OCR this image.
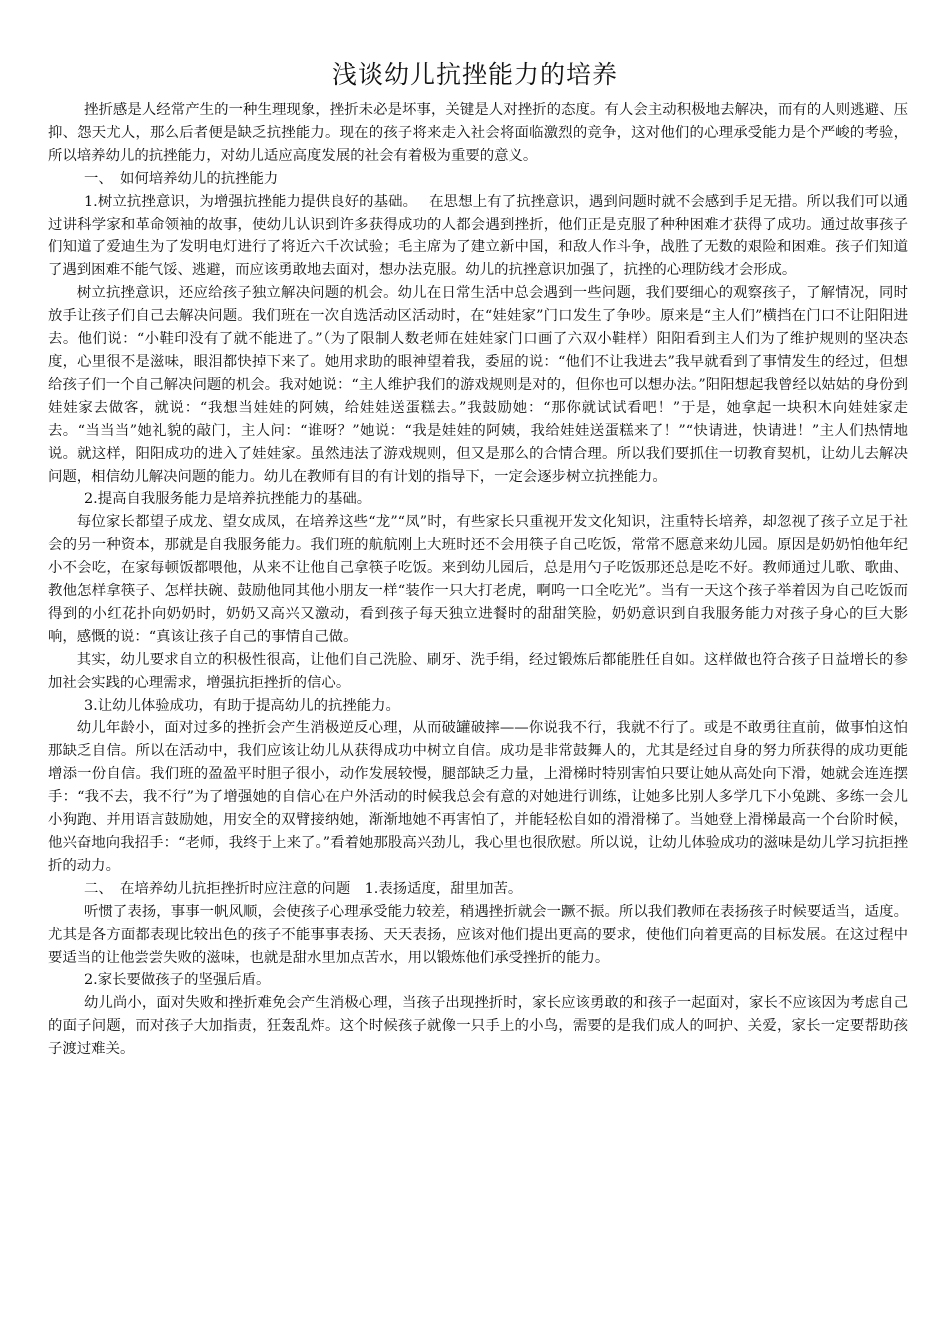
浅谈幼儿抗挫能力的培养

挫折感是人经常产生的一种生理现象，挫折未必是坏事，关键是人对挫折的态度。有人会主动积极地去解决，而有的人则逃避、压抑、怨天尤人，那么后者便是缺乏抗挫能力。现在的孩子将来走入社会将面临激烈的竞争，这对他们的心理承受能力是个严峻的考验，所以培养幼儿的抗挫能力，对幼儿适应高度发展的社会有着极为重要的意义。

一、　如何培养幼儿的抗挫能力

1.树立抗挫意识，为增强抗挫能力提供良好的基础。　 在思想上有了抗挫意识，遇到问题时就不会感到手足无措。所以我们可以通过讲科学家和革命领袖的故事，使幼儿认识到许多获得成功的人都会遇到挫折，他们正是克服了种种困难才获得了成功。通过故事孩子们知道了爱迪生为了发明电灯进行了将近六千次试验；毛主席为了建立新中国，和敌人作斗争，战胜了无数的艰险和困难。孩子们知道了遇到困难不能气馁、逃避，而应该勇敢地去面对，想办法克服。幼儿的抗挫意识加强了，抗挫的心理防线才会形成。

树立抗挫意识，还应给孩子独立解决问题的机会。幼儿在日常生活中总会遇到一些问题，我们要细心的观察孩子，了解情况，同时放手让孩子们自己去解决问题。我们班在一次自选活动区活动时，在“娃娃家”门口发生了争吵。原来是“主人们”横挡在门口不让阳阳进去。他们说：“小鞋印没有了就不能进了。”（为了限制人数老师在娃娃家门口画了六双小鞋样）阳阳看到主人们为了维护规则的坚决态度，心里很不是滋味，眼泪都快掉下来了。她用求助的眼神望着我，委屈的说：“他们不让我进去”我早就看到了事情发生的经过，但想给孩子们一个自己解决问题的机会。我对她说：“主人维护我们的游戏规则是对的，但你也可以想办法。”阳阳想起我曾经以姑姑的身份到娃娃家去做客，就说：“我想当娃娃的阿姨，给娃娃送蛋糕去。”我鼓励她：“那你就试试看吧！”于是，她拿起一块积木向娃娃家走去。“当当当”她礼貌的敲门，主人问：“谁呀？”她说：“我是娃娃的阿姨，我给娃娃送蛋糕来了！”“快请进，快请进！”主人们热情地说。就这样，阳阳成功的进入了娃娃家。虽然违法了游戏规则，但又是那么的合情合理。所以我们要抓住一切教育契机，让幼儿去解决问题，相信幼儿解决问题的能力。幼儿在教师有目的有计划的指导下，一定会逐步树立抗挫能力。

2.提高自我服务能力是培养抗挫能力的基础。

每位家长都望子成龙、望女成凤，在培养这些“龙”“凤”时，有些家长只重视开发文化知识，注重特长培养，却忽视了孩子立足于社会的另一种资本，那就是自我服务能力。我们班的航航刚上大班时还不会用筷子自己吃饭，常常不愿意来幼儿园。原因是奶奶怕他年纪小不会吃，在家每顿饭都喂他，从来不让他自己拿筷子吃饭。来到幼儿园后，总是用勺子吃饭那还总是吃不好。教师通过儿歌、歌曲、教他怎样拿筷子、怎样扶碗、鼓励他同其他小朋友一样“装作一只大打老虎，啊呜一口全吃光”。当有一天这个孩子举着因为自己吃饭而得到的小红花扑向奶奶时，奶奶又高兴又激动，看到孩子每天独立进餐时的甜甜笑脸，奶奶意识到自我服务能力对孩子身心的巨大影响，感慨的说：“真该让孩子自己的事情自己做。

其实，幼儿要求自立的积极性很高，让他们自己洗脸、刷牙、洗手绢，经过锻炼后都能胜任自如。这样做也符合孩子日益增长的参加社会实践的心理需求，增强抗拒挫折的信心。

3.让幼儿体验成功，有助于提高幼儿的抗挫能力。

幼儿年龄小，面对过多的挫折会产生消极逆反心理，从而破罐破摔——你说我不行，我就不行了。或是不敢勇往直前，做事怕这怕那缺乏自信。所以在活动中，我们应该让幼儿从获得成功中树立自信。成功是非常鼓舞人的，尤其是经过自身的努力所获得的成功更能增添一份自信。我们班的盈盈平时胆子很小，动作发展较慢，腿部缺乏力量，上滑梯时特别害怕只要让她从高处向下滑，她就会连连摆手：“我不去，我不行”为了增强她的自信心在户外活动的时候我总会有意的对她进行训练，让她多比别人多学几下小兔跳、多练一会儿小狗跑、并用语言鼓励她，用安全的双臂接纳她，渐渐地她不再害怕了，并能轻松自如的滑滑梯了。当她登上滑梯最高一个台阶时候，他兴奋地向我招手：“老师，我终于上来了。”看着她那股高兴劲儿，我心里也很欣慰。所以说，让幼儿体验成功的滋味是幼儿学习抗拒挫折的动力。

二、　在培养幼儿抗拒挫折时应注意的问题　1.表扬适度，甜里加苦。

听惯了表扬，事事一帆风顺，会使孩子心理承受能力较差，稍遇挫折就会一蹶不振。所以我们教师在表扬孩子时候要适当，适度。尤其是各方面都表现比较出色的孩子不能事事表扬、天天表扬，应该对他们提出更高的要求，使他们向着更高的目标发展。在这过程中要适当的让他尝尝失败的滋味，也就是甜水里加点苦水，用以锻炼他们承受挫折的能力。

2.家长要做孩子的坚强后盾。

幼儿尚小，面对失败和挫折难免会产生消极心理，当孩子出现挫折时，家长应该勇敢的和孩子一起面对，家长不应该因为考虑自己的面子问题，而对孩子大加指责，狂轰乱炸。这个时候孩子就像一只手上的小鸟，需要的是我们成人的呵护、关爱，家长一定要帮助孩子渡过难关。
